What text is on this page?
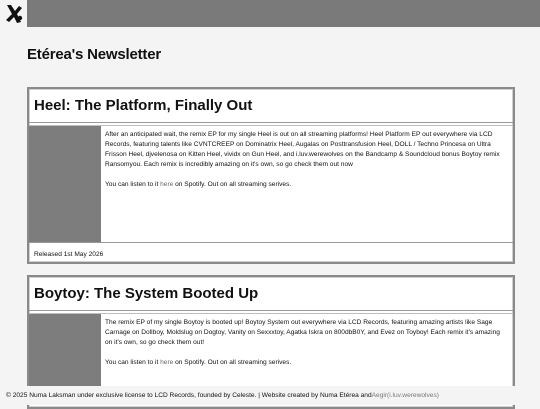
Etérea's Newsletter
Heel: The Platform, Finally Out

After an anticipated wait, the remix EP for my single Heel is out on all streaming platforms! Heel Platform EP out everywhere via LCD Records, featuring talents like CVNTCREEP on Dominatrix Heel, Augalas on Posttransfusion Heel, DOLL / Techno Princesa on Ultra Frisson Heel, djvelenosa on Kitten Heel, vividx on Gun Heel, and i.luv.werewolves on the Bandcamp & Soundcloud bonus Boytoy remix Ransomyou. Each remix is incredibly amazing on it's own, so go check them out now

You can listen to it here on Spotify. Out on all streaming serives.

Released 1st May 2026
Boytoy: The System Booted Up

The remix EP of my single Boytoy is booted up! Boytoy System out everywhere via LCD Records, featuring amazing artists like Sage Carnage on Dollboy, Moldslug on Dogtoy, Vanity on Sexxxtoy, Agatka Iskra on 800dbB0Y, and Evez on Toyboy! Each remix it's amazing on it's own, so go check them out!

You can listen to it here on Spotify. Out on all streaming serives.

© 2025 Numa Laksman under exclusive license to LCD Records, founded by Celeste. | Website created by Numa Etérea and Aegir (i.luv.werewolves)
